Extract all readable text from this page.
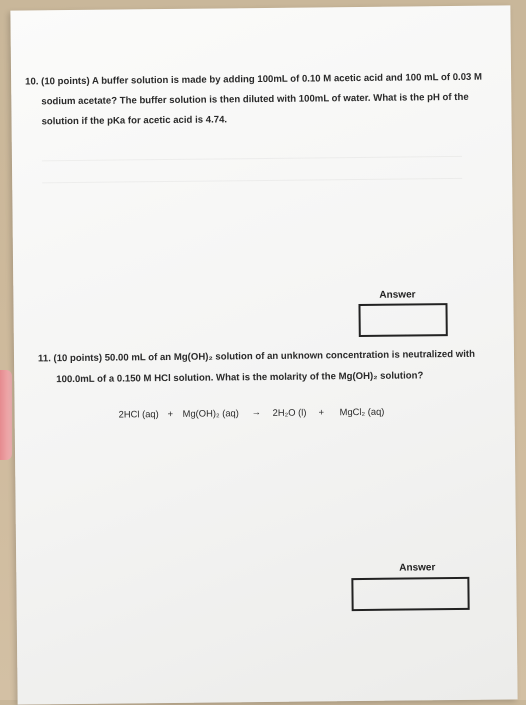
10. (10 points) A buffer solution is made by adding 100mL of 0.10 M acetic acid and 100 mL of 0.03 M
sodium acetate? The buffer solution is then diluted with 100mL of water. What is the pH of the
solution if the pKa for acetic acid is 4.74.
Answer
11. (10 points) 50.00 mL of an Mg(OH)₂ solution of an unknown concentration is neutralized with
100.0mL of a 0.150 M HCl solution. What is the molarity of the Mg(OH)₂ solution?
2HCl (aq) + Mg(OH)₂ (aq) → 2H₂O (l) + MgCl₂ (aq)
Answer
